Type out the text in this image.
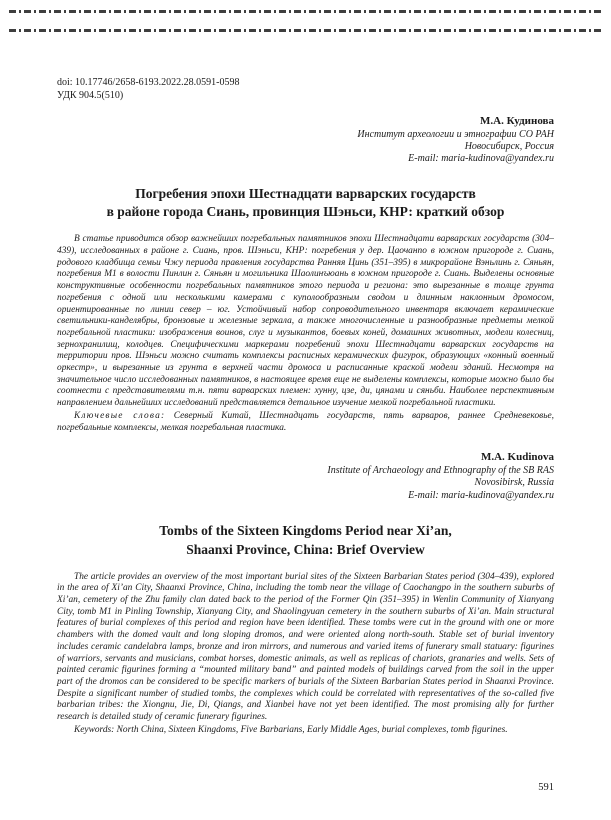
doi: 10.17746/2658-6193.2022.28.0591-0598
УДК 904.5(510)
М.А. Кудинова
Институт археологии и этнографии СО РАН
Новосибирск, Россия
E-mail: maria-kudinova@yandex.ru
Погребения эпохи Шестнадцати варварских государств
в районе города Сиань, провинция Шэньси, КНР: краткий обзор

В статье приводится обзор важнейших погребальных памятников эпохи Шестнадцати варварских государств (304–439), исследованных в районе г. Сиань, пров. Шэньси, КНР: погребения у дер. Цаочанпо в южном пригороде г. Сиань, родового кладбища семьи Чжу периода правления государства Ранняя Цинь (351–395) в микрорайоне Вэньлинь г. Сяньян, погребения М1 в волости Пинлин г. Сяньян и могильника Шаолинъюань в южном пригороде г. Сиань. Выделены основные конструктивные особенности погребальных памятников этого периода и региона: это вырезанные в толще грунта погребения с одной или несколькими камерами с куполообразным сводом и длинным наклонным дромосом, ориентированные по линии север – юг. Устойчивый набор сопроводительного инвентаря включает керамические светильники-канделябры, бронзовые и железные зеркала, а также многочисленные и разнообразные предметы мелкой погребальной пластики: изображения воинов, слуг и музыкантов, боевых коней, домашних животных, модели колесниц, зернохранилищ, колодцев. Специфическими маркерами погребений эпохи Шестнадцати варварских государств на территории пров. Шэньси можно считать комплексы расписных керамических фигурок, образующих «конный военный оркестр», и вырезанные из грунта в верхней части дромоса и расписанные краской модели зданий. Несмотря на значительное число исследованных памятников, в настоящее время еще не выделены комплексы, которые можно было бы соотнести с представителями т.н. пяти варварских племен: хунну, цзе, ди, цянами и сяньби. Наиболее перспективным направлением дальнейших исследований представляется детальное изучение мелкой погребальной пластики.

Ключевые слова: Северный Китай, Шестнадцать государств, пять варваров, раннее Средневековье, погребальные комплексы, мелкая погребальная пластика.

M.A. Kudinova
Institute of Archaeology and Ethnography of the SB RAS
Novosibirsk, Russia
E-mail: maria-kudinova@yandex.ru
Tombs of the Sixteen Kingdoms Period near Xi’an,
Shaanxi Province, China: Brief Overview

The article provides an overview of the most important burial sites of the Sixteen Barbarian States period (304–439), explored in the area of Xi’an City, Shaanxi Province, China, including the tomb near the village of Caochangpo in the southern suburbs of Xi’an, cemetery of the Zhu family clan dated back to the period of the Former Qin (351–395) in Wenlin Community of Xianyang City, tomb M1 in Pinling Township, Xianyang City, and Shaolingyuan cemetery in the southern suburbs of Xi’an. Main structural features of burial complexes of this period and region have been identified. These tombs were cut in the ground with one or more chambers with the domed vault and long sloping dromos, and were oriented along north-south. Stable set of burial inventory includes ceramic candelabra lamps, bronze and iron mirrors, and numerous and varied items of funerary small statuary: figurines of warriors, servants and musicians, combat horses, domestic animals, as well as replicas of chariots, granaries and wells. Sets of painted ceramic figurines forming a “mounted military band” and painted models of buildings carved from the soil in the upper part of the dromos can be considered to be specific markers of burials of the Sixteen Barbarian States period in Shaanxi Province. Despite a significant number of studied tombs, the complexes which could be correlated with representatives of the so-called five barbarian tribes: the Xiongnu, Jie, Di, Qiangs, and Xianbei have not yet been identified. The most promising ally for further research is detailed study of ceramic funerary figurines.

Keywords: North China, Sixteen Kingdoms, Five Barbarians, Early Middle Ages, burial complexes, tomb figurines.

591
